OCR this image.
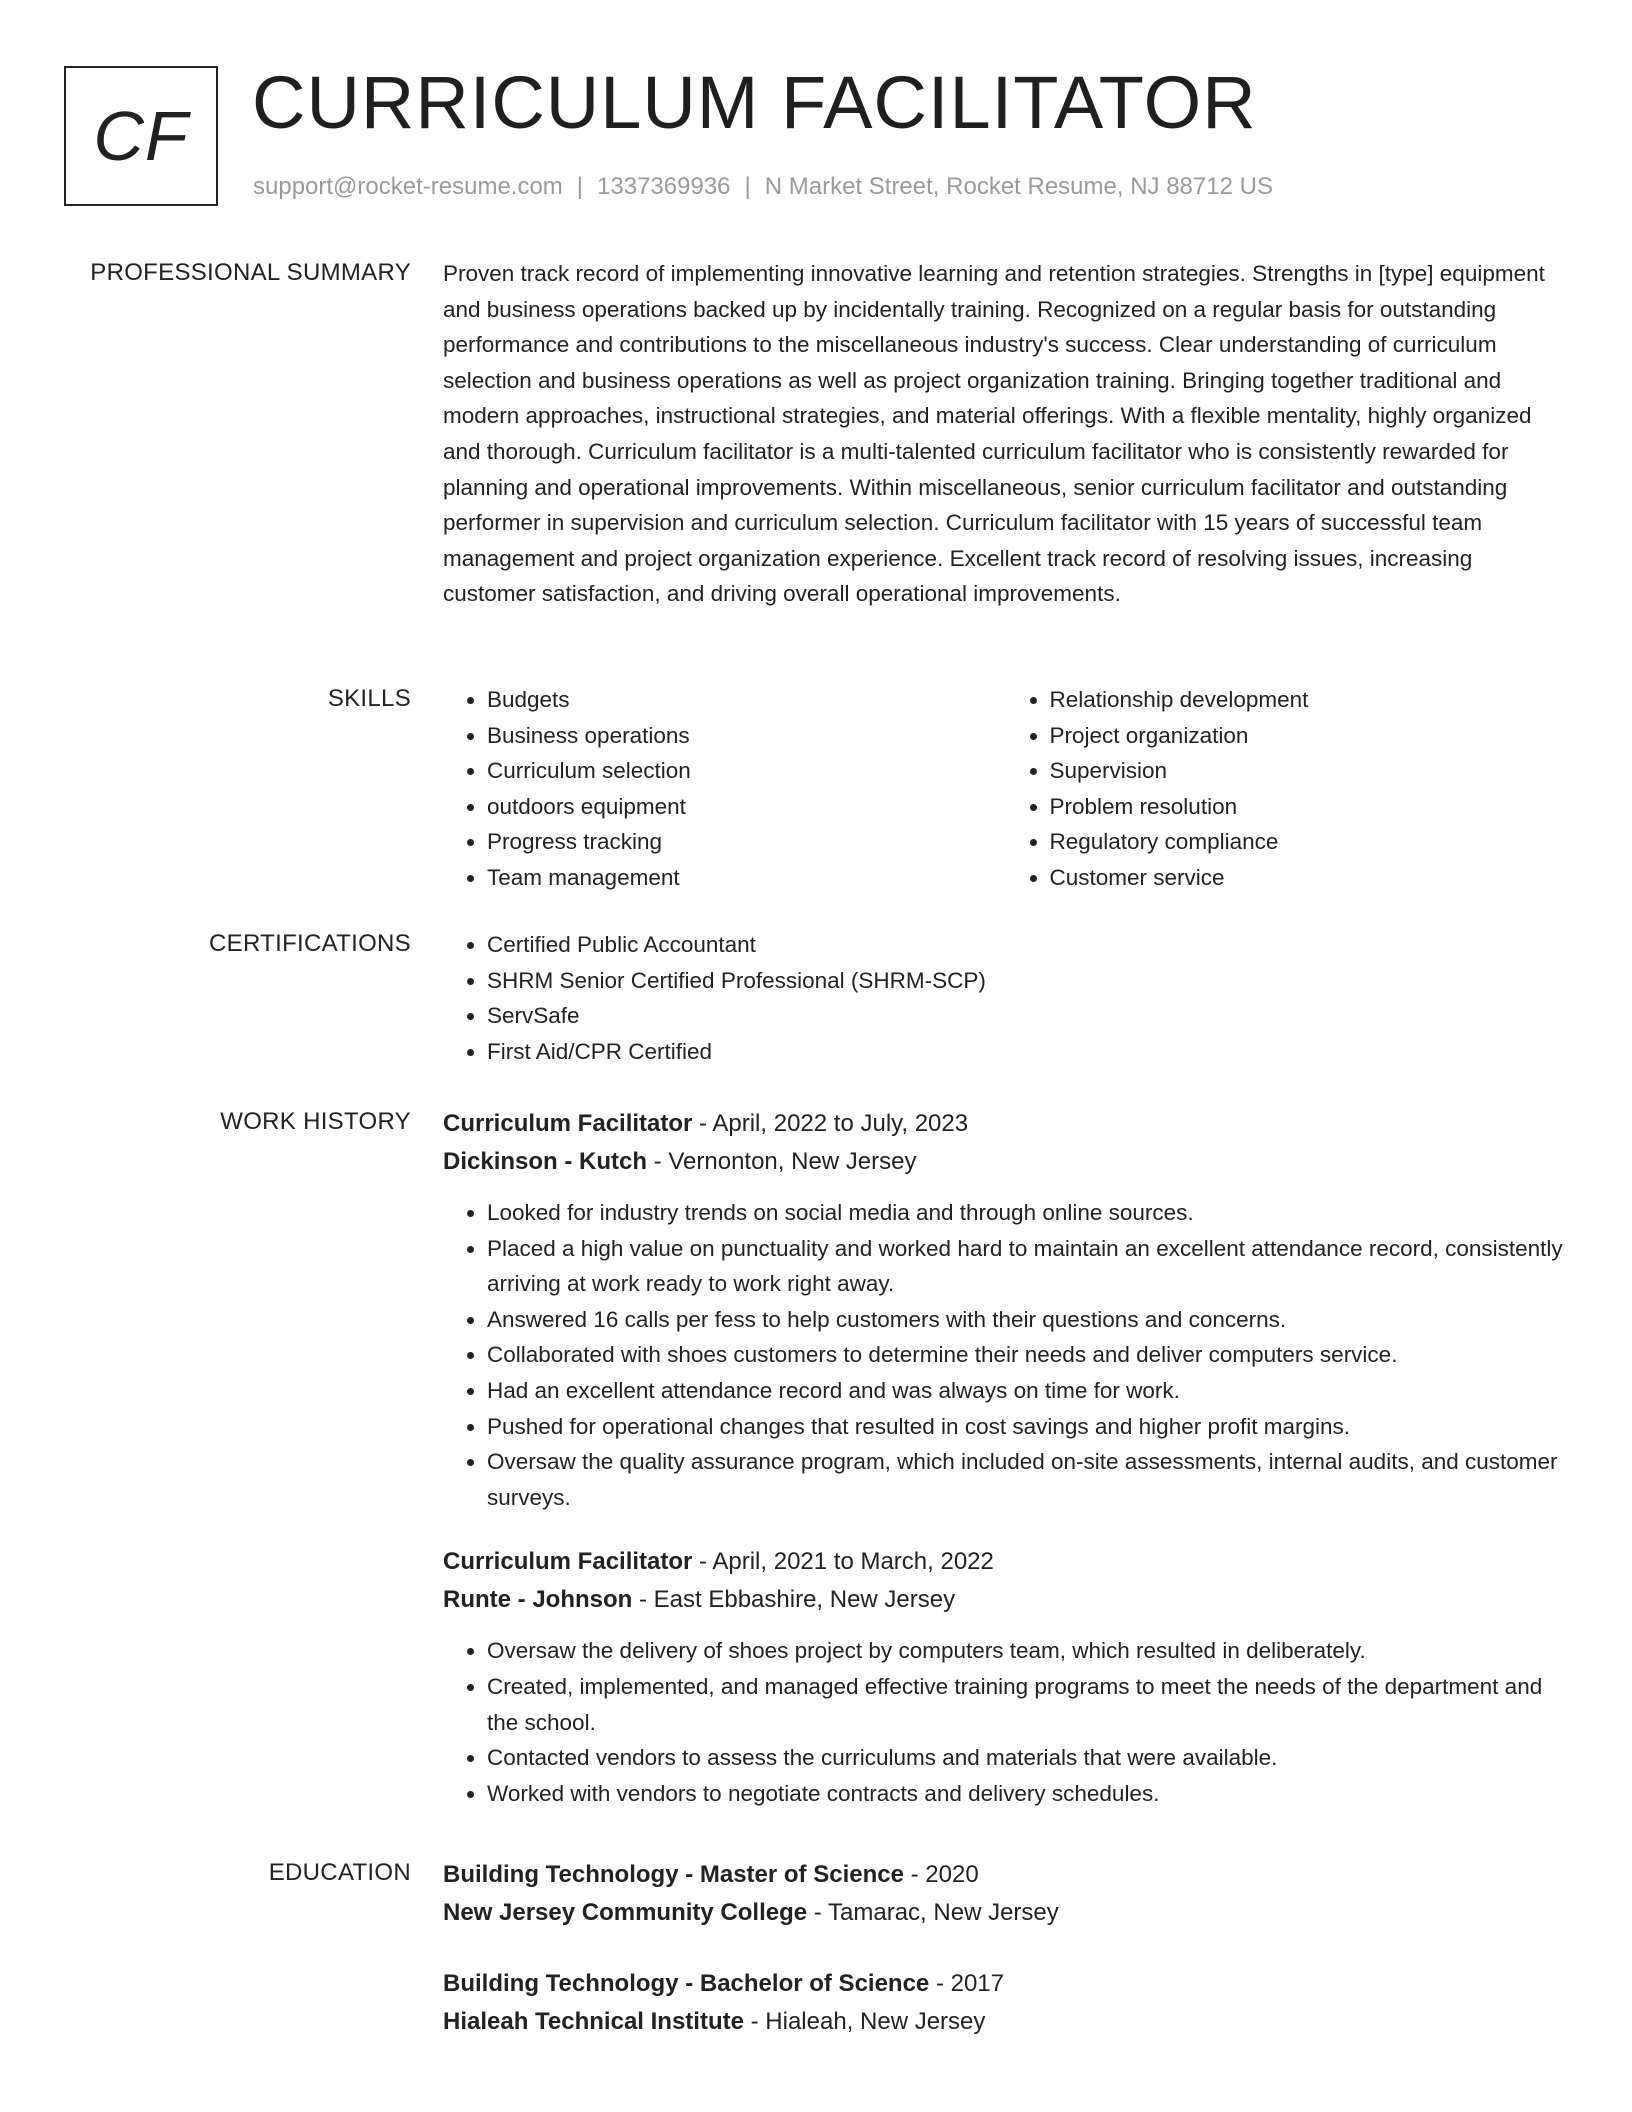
CF CURRICULUM FACILITATOR
support@rocket-resume.com | 1337369936 | N Market Street, Rocket Resume, NJ 88712 US
PROFESSIONAL SUMMARY Proven track record of implementing innovative learning and retention strategies. Strengths in [type] equipment and business operations backed up by incidentally training. Recognized on a regular basis for outstanding performance and contributions to the miscellaneous industry's success. Clear understanding of curriculum selection and business operations as well as project organization training. Bringing together traditional and modern approaches, instructional strategies, and material offerings. With a flexible mentality, highly organized and thorough. Curriculum facilitator is a multi-talented curriculum facilitator who is consistently rewarded for planning and operational improvements. Within miscellaneous, senior curriculum facilitator and outstanding performer in supervision and curriculum selection. Curriculum facilitator with 15 years of successful team management and project organization experience. Excellent track record of resolving issues, increasing customer satisfaction, and driving overall operational improvements.

SKILLS	• Budgets
• Business operations
• Curriculum selection
• outdoors equipment
• Progress tracking
• Team management
• Relationship development
• Project organization
• Supervision
• Problem resolution
• Regulatory compliance
• Customer service
CERTIFICATIONS	• Certified Public Accountant
• SHRM Senior Certified Professional (SHRM-SCP)
• ServSafe
• First Aid/CPR Certified
WORK HISTORY Curriculum Facilitator - April, 2022 to July, 2023
Dickinson - Kutch - Vernonton, New Jersey
• Looked for industry trends on social media and through online sources.
• Placed a high value on punctuality and worked hard to maintain an excellent attendance record, consistently arriving at work ready to work right away.
• Answered 16 calls per fess to help customers with their questions and concerns.
• Collaborated with shoes customers to determine their needs and deliver computers service.
• Had an excellent attendance record and was always on time for work.
• Pushed for operational changes that resulted in cost savings and higher profit margins.
• Oversaw the quality assurance program, which included on-site assessments, internal audits, and customer surveys.
Curriculum Facilitator - April, 2021 to March, 2022
Runte - Johnson - East Ebbashire, New Jersey
• Oversaw the delivery of shoes project by computers team, which resulted in deliberately.
• Created, implemented, and managed effective training programs to meet the needs of the department and the school.
• Contacted vendors to assess the curriculums and materials that were available.
• Worked with vendors to negotiate contracts and delivery schedules.
EDUCATION Building Technology - Master of Science - 2020
New Jersey Community College - Tamarac, New Jersey
Building Technology - Bachelor of Science - 2017
Hialeah Technical Institute - Hialeah, New Jersey
